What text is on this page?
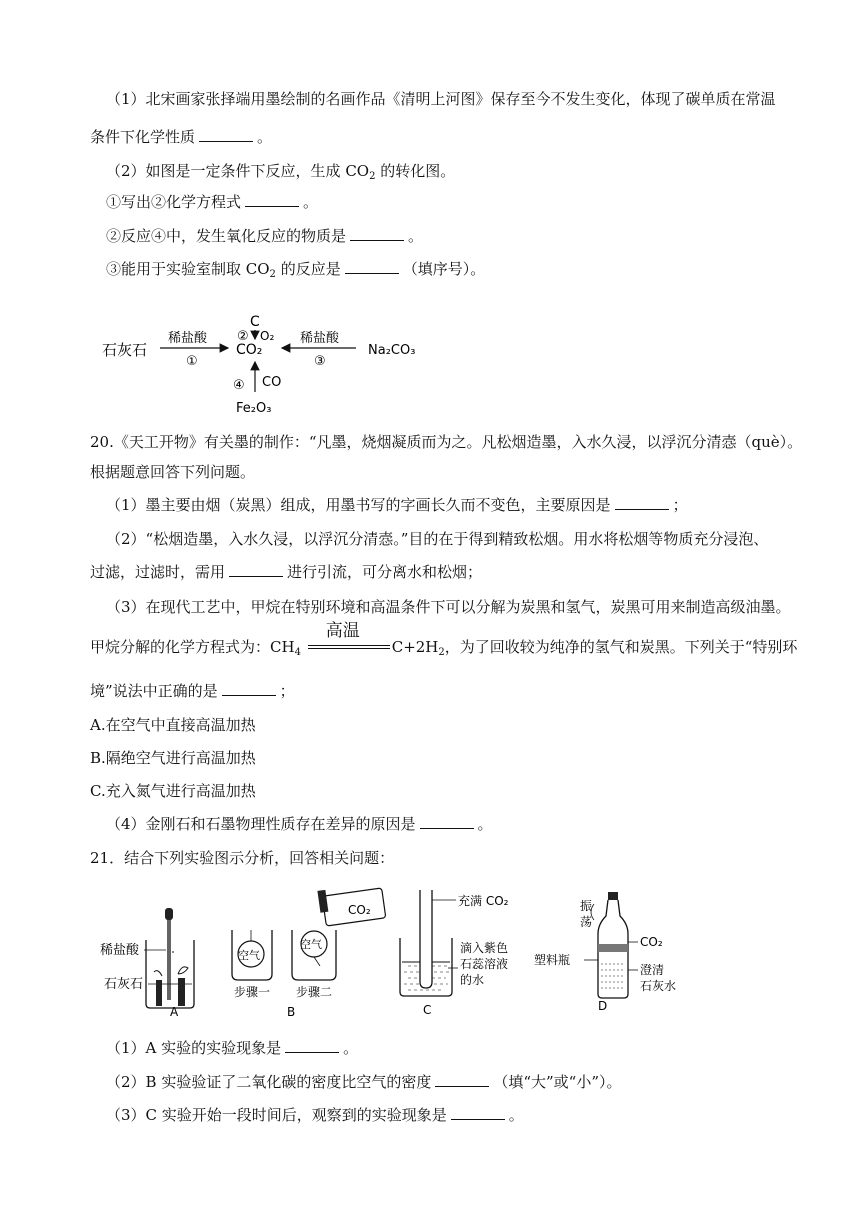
（1）北宋画家张择端用墨绘制的名画作品《清明上河图》保存至今不发生变化，体现了碳单质在常温
条件下化学性质	。
（2）如图是一定条件下反应，生成 $CO_2$ 的转化图。
①写出②化学方程式	。
②反应④中，发生氧化反应的物质是	。
③能用于实验室制取 $CO_2$ 的反应是	（填序号）。
石灰石
稀盐酸
①
CO₂
稀盐酸
③
Na₂CO₃
C
② O₂
④ CO
Fe₂O₃
20.《天工开物》有关墨的制作：“凡墨，烧烟凝质而为之。凡松烟造墨，入水久浸，以浮沉分清悫（què）。
根据题意回答下列问题。
（1）墨主要由烟（炭黑）组成，用墨书写的字画长久而不变色，主要原因是	；
（2）“松烟造墨，入水久浸，以浮沉分清悫。”目的在于得到精致松烟。用水将松烟等物质充分浸泡、
过滤，过滤时，需用	进行引流，可分离水和松烟；
（3）在现代工艺中，甲烷在特别环境和高温条件下可以分解为炭黑和氢气，炭黑可用来制造高级油墨。
甲烷分解的化学方程式为：$CH_4$
高温
$C+2H_2$，为了回收较为纯净的氢气和炭黑。下列关于“特别环
境”说法中正确的是	；
A.在空气中直接高温加热
B.隔绝空气进行高温加热
C.充入氮气进行高温加热
（4）金刚石和石墨物理性质存在差异的原因是	。
21．结合下列实验图示分析，回答相关问题：
稀盐酸
石灰石
A
空气
步骤一
CO₂
空气
步骤二
B
充满 CO₂
滴入紫色
石蕊溶液
的水
C
振
荡
CO₂
塑料瓶
澄清
石灰水
D
（1）A 实验的实验现象是	。
（2）B 实验验证了二氧化碳的密度比空气的密度	（填“大”或“小”）。
（3）C 实验开始一段时间后，观察到的实验现象是	。
